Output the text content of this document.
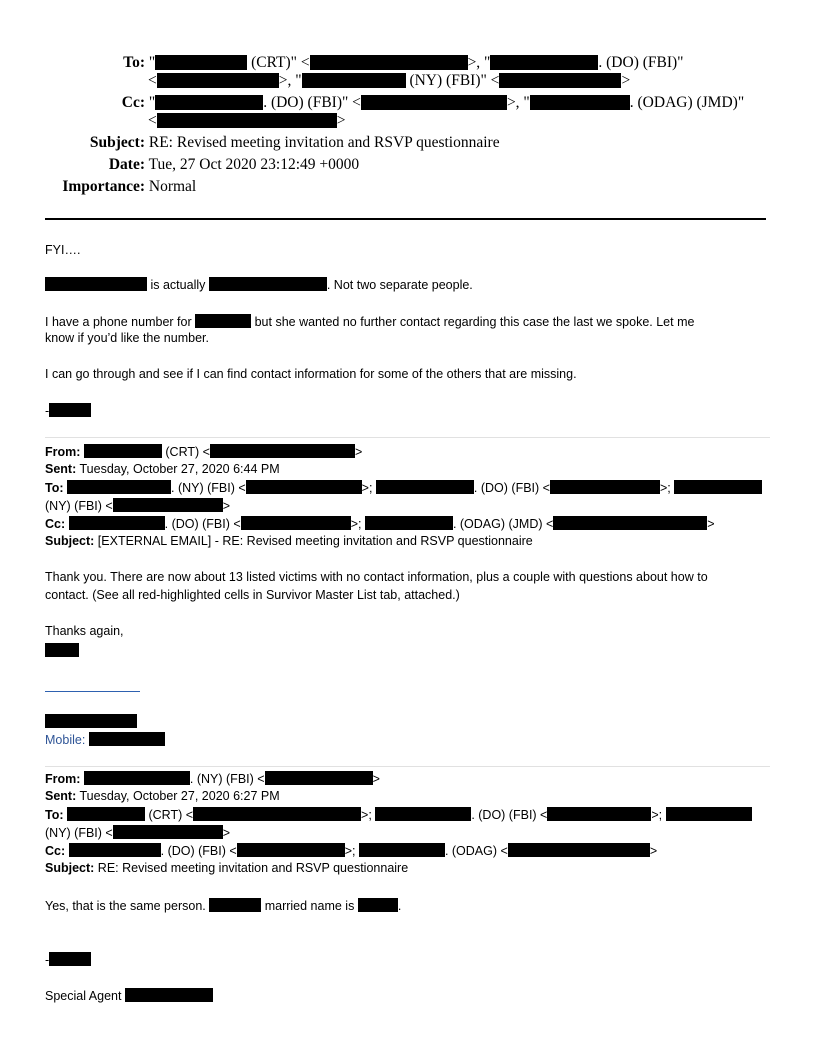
To: "	(CRT)" <	>, "	. (DO) (FBI)"
<	>, "	(NY) (FBI)" <	>
Cc: "	. (DO) (FBI)" <	>, "	. (ODAG) (JMD)"
<	>
Subject: RE: Revised meeting invitation and RSVP questionnaire
Date: Tue, 27 Oct 2020 23:12:49 +0000
Importance: Normal
FYI….
is actually	. Not two separate people.
I have a phone number for	but she wanted no further contact regarding this case the last we spoke. Let me
know if you’d like the number.
I can go through and see if I can find contact information for some of the others that are missing.
-
From:	(CRT) <	>
Sent: Tuesday, October 27, 2020 6:44 PM
To:	. (NY) (FBI) <	>;	. (DO) (FBI) <	>;
(NY) (FBI) <	>
Cc:	. (DO) (FBI) <	>;	. (ODAG) (JMD) <	>
Subject: [EXTERNAL EMAIL] - RE: Revised meeting invitation and RSVP questionnaire
Thank you. There are now about 13 listed victims with no contact information, plus a couple with questions about how to
contact. (See all red-highlighted cells in Survivor Master List tab, attached.)
Thanks again,
Mobile:
From:	. (NY) (FBI) <	>
Sent: Tuesday, October 27, 2020 6:27 PM
To:	(CRT) <	>;	. (DO) (FBI) <	>;
(NY) (FBI) <	>
Cc:	. (DO) (FBI) <	>;	. (ODAG) <	>
Subject: RE: Revised meeting invitation and RSVP questionnaire
Yes, that is the same person.	married name is	.
-
Special Agent
